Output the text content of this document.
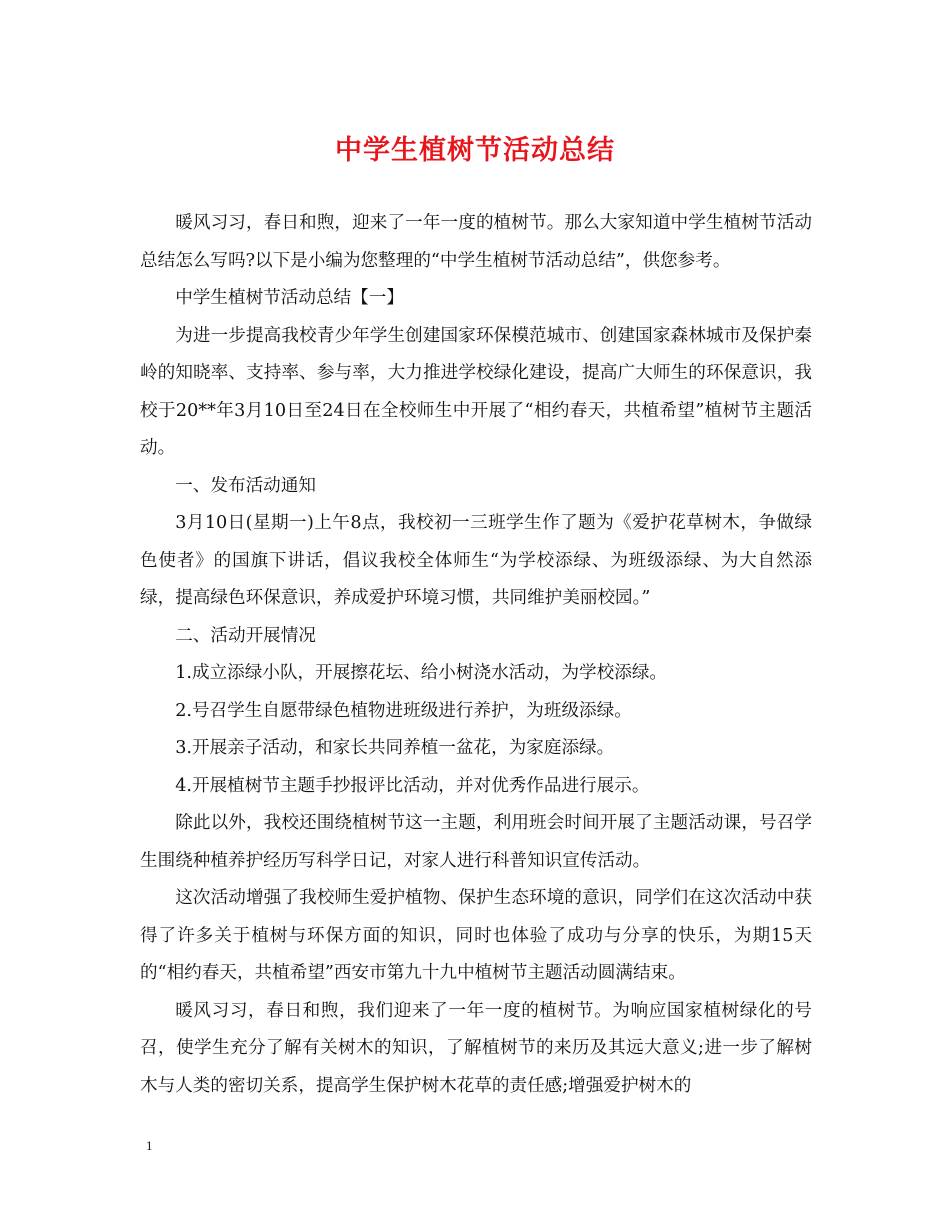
中学生植树节活动总结

暖风习习，春日和煦，迎来了一年一度的植树节。那么大家知道中学生植树节活动总结怎么写吗?以下是小编为您整理的“中学生植树节活动总结”，供您参考。

中学生植树节活动总结【一】

为进一步提高我校青少年学生创建国家环保模范城市、创建国家森林城市及保护秦岭的知晓率、支持率、参与率，大力推进学校绿化建设，提高广大师生的环保意识，我校于20**年3月10日至24日在全校师生中开展了“相约春天，共植希望”植树节主题活动。

一、发布活动通知

3月10日(星期一)上午8点，我校初一三班学生作了题为《爱护花草树木，争做绿色使者》的国旗下讲话，倡议我校全体师生“为学校添绿、为班级添绿、为大自然添绿，提高绿色环保意识，养成爱护环境习惯，共同维护美丽校园。”

二、活动开展情况

1.成立添绿小队，开展擦花坛、给小树浇水活动，为学校添绿。

2.号召学生自愿带绿色植物进班级进行养护，为班级添绿。

3.开展亲子活动，和家长共同养植一盆花，为家庭添绿。

4.开展植树节主题手抄报评比活动，并对优秀作品进行展示。

除此以外，我校还围绕植树节这一主题，利用班会时间开展了主题活动课，号召学生围绕种植养护经历写科学日记，对家人进行科普知识宣传活动。

这次活动增强了我校师生爱护植物、保护生态环境的意识，同学们在这次活动中获得了许多关于植树与环保方面的知识，同时也体验了成功与分享的快乐，为期15天的“相约春天，共植希望”西安市第九十九中植树节主题活动圆满结束。

暖风习习，春日和煦，我们迎来了一年一度的植树节。为响应国家植树绿化的号召，使学生充分了解有关树木的知识，了解植树节的来历及其远大意义;进一步了解树木与人类的密切关系，提高学生保护树木花草的责任感;增强爱护树木的

1
